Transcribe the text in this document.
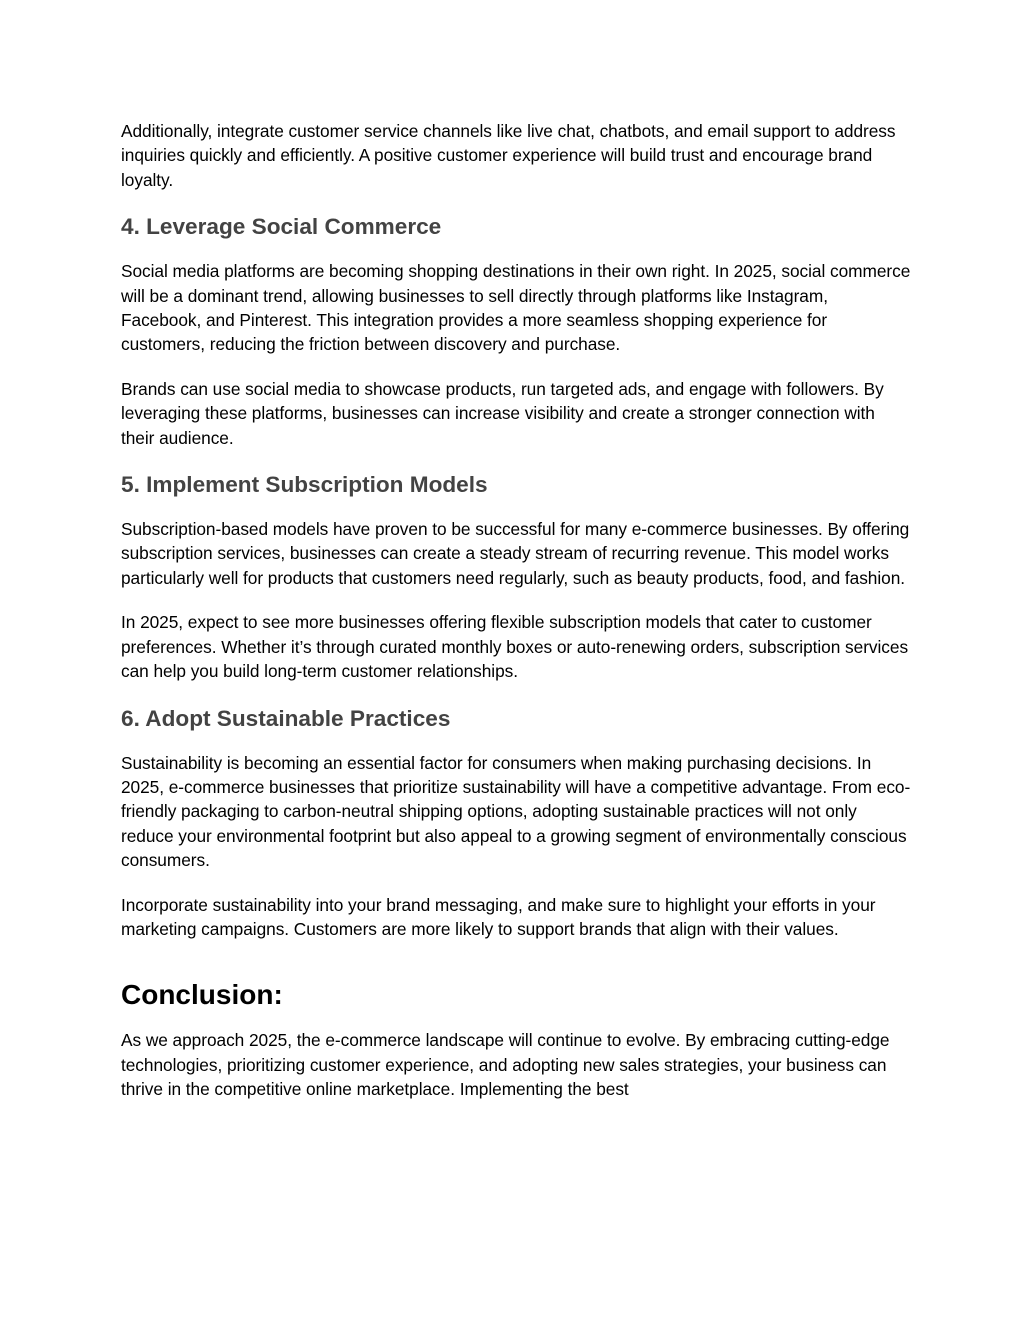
Additionally, integrate customer service channels like live chat, chatbots, and email support to address inquiries quickly and efficiently. A positive customer experience will build trust and encourage brand loyalty.

4. Leverage Social Commerce

Social media platforms are becoming shopping destinations in their own right. In 2025, social commerce will be a dominant trend, allowing businesses to sell directly through platforms like Instagram, Facebook, and Pinterest. This integration provides a more seamless shopping experience for customers, reducing the friction between discovery and purchase.

Brands can use social media to showcase products, run targeted ads, and engage with followers. By leveraging these platforms, businesses can increase visibility and create a stronger connection with their audience.

5. Implement Subscription Models

Subscription-based models have proven to be successful for many e-commerce businesses. By offering subscription services, businesses can create a steady stream of recurring revenue. This model works particularly well for products that customers need regularly, such as beauty products, food, and fashion.

In 2025, expect to see more businesses offering flexible subscription models that cater to customer preferences. Whether it’s through curated monthly boxes or auto-renewing orders, subscription services can help you build long-term customer relationships.

6. Adopt Sustainable Practices

Sustainability is becoming an essential factor for consumers when making purchasing decisions. In 2025, e-commerce businesses that prioritize sustainability will have a competitive advantage. From eco-friendly packaging to carbon-neutral shipping options, adopting sustainable practices will not only reduce your environmental footprint but also appeal to a growing segment of environmentally conscious consumers.

Incorporate sustainability into your brand messaging, and make sure to highlight your efforts in your marketing campaigns. Customers are more likely to support brands that align with their values.

Conclusion:

As we approach 2025, the e-commerce landscape will continue to evolve. By embracing cutting-edge technologies, prioritizing customer experience, and adopting new sales strategies, your business can thrive in the competitive online marketplace. Implementing the best
